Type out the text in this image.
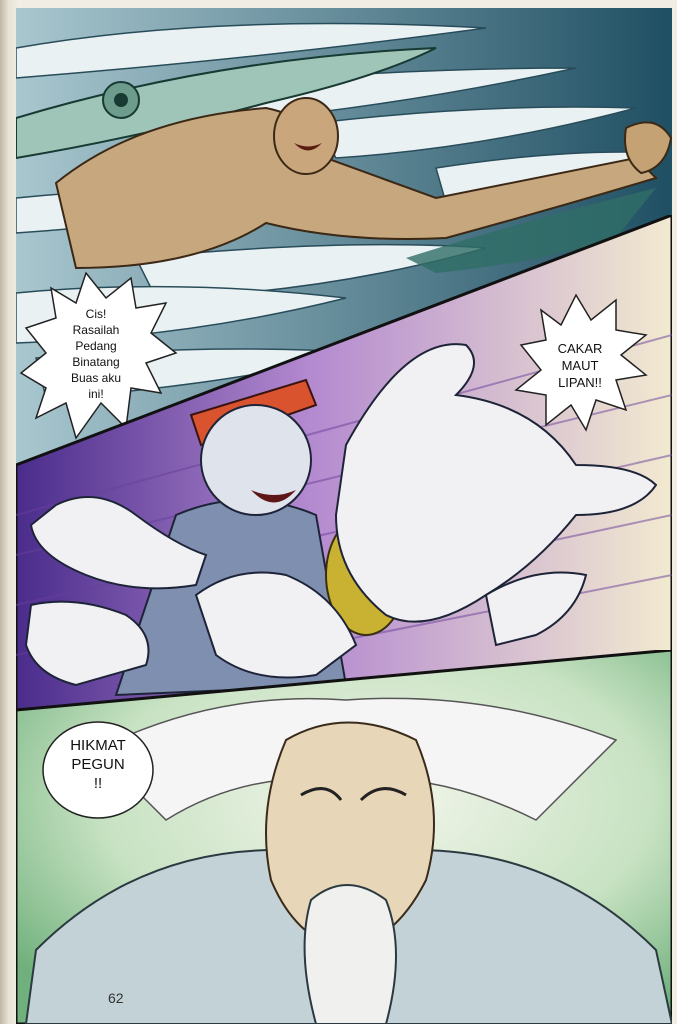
Cis!
Rasailah
Pedang
Binatang
Buas aku
ini!
CAKAR
MAUT
LIPAN!!
HIKMAT
PEGUN
!!
62
